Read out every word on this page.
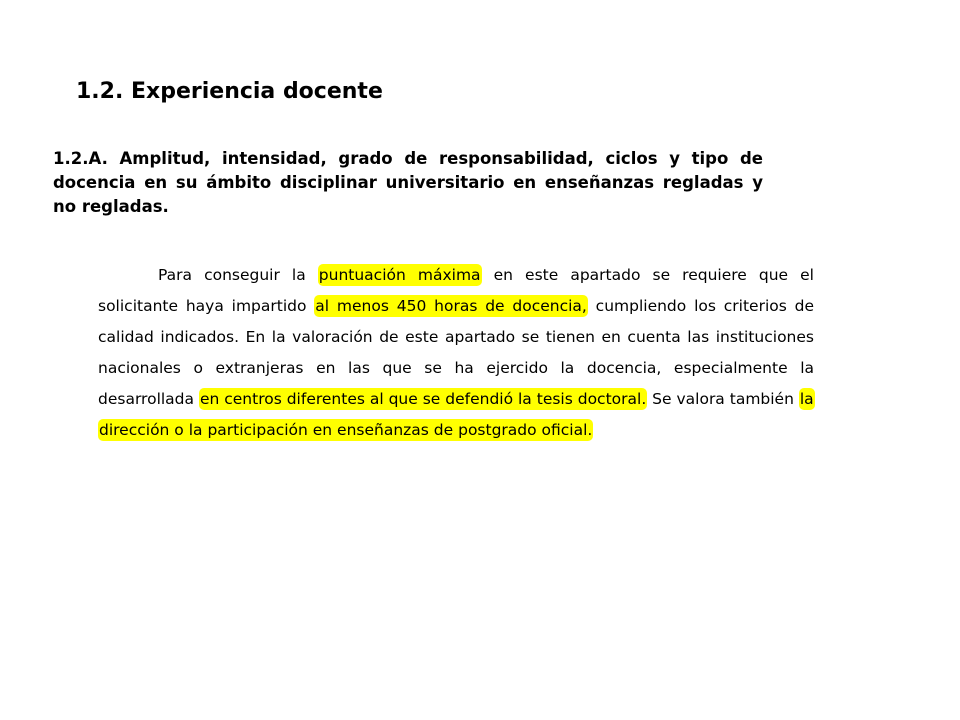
1.2. Experiencia docente
1.2.A. Amplitud, intensidad, grado de responsabilidad, ciclos y tipo de docencia en su ámbito disciplinar universitario en enseñanzas regladas y no regladas.

Para conseguir la puntuación máxima en este apartado se requiere que el solicitante haya impartido al menos 450 horas de docencia, cumpliendo los criterios de calidad indicados. En la valoración de este apartado se tienen en cuenta las instituciones nacionales o extranjeras en las que se ha ejercido la docencia, especialmente la desarrollada en centros diferentes al que se defendió la tesis doctoral. Se valora también la dirección o la participación en enseñanzas de postgrado oficial.
